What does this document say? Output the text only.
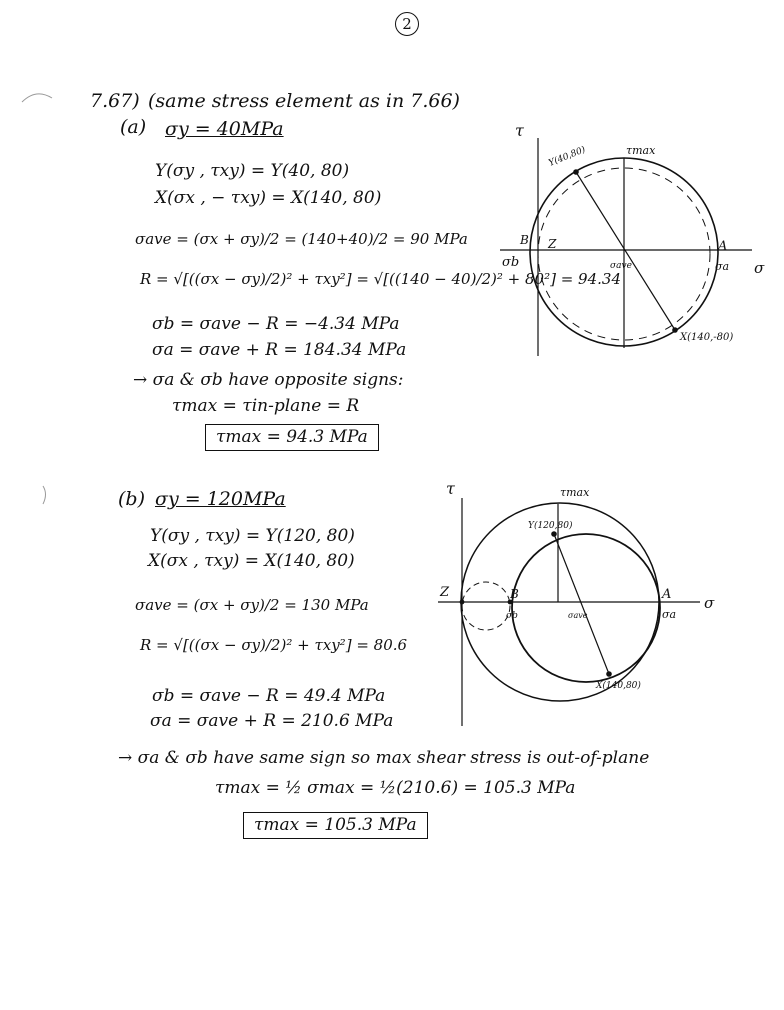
2
7.67) (same stress element as in 7.66)
(a) σy = 40MPa
Y(σy , τxy) = Y(40, 80)
X(σx , − τxy) = X(140, 80)
σave = (σx + σy)/2 = (140+40)/2 = 90 MPa
R = √[((σx − σy)/2)² + τxy²] = √[((140 − 40)/2)² + 80²] = 94.34
σb = σave − R = −4.34 MPa
σa = σave + R = 184.34 MPa
→ σa & σb have opposite signs:
τmax = τin-plane = R
τmax = 94.3 MPa
τ
σ
Y(40,80)
X(140,-80)
τmax
A
B Z
σa
σb	σave
(b) σy = 120MPa
Y(σy , τxy) = Y(120, 80)
X(σx , τxy) = X(140, 80)
σave = (σx + σy)/2 = 130 MPa
R = √[((σx − σy)/2)² + τxy²] = 80.6
σb = σave − R = 49.4 MPa
σa = σave + R = 210.6 MPa
→ σa & σb have same sign so max shear stress is out-of-plane
τmax = ½ σmax = ½(210.6) = 105.3 MPa
τmax = 105.3 MPa
τ
σ
Y(120,80)
X(140,80)
τmax
A
B
Z
σa
σb	σave
